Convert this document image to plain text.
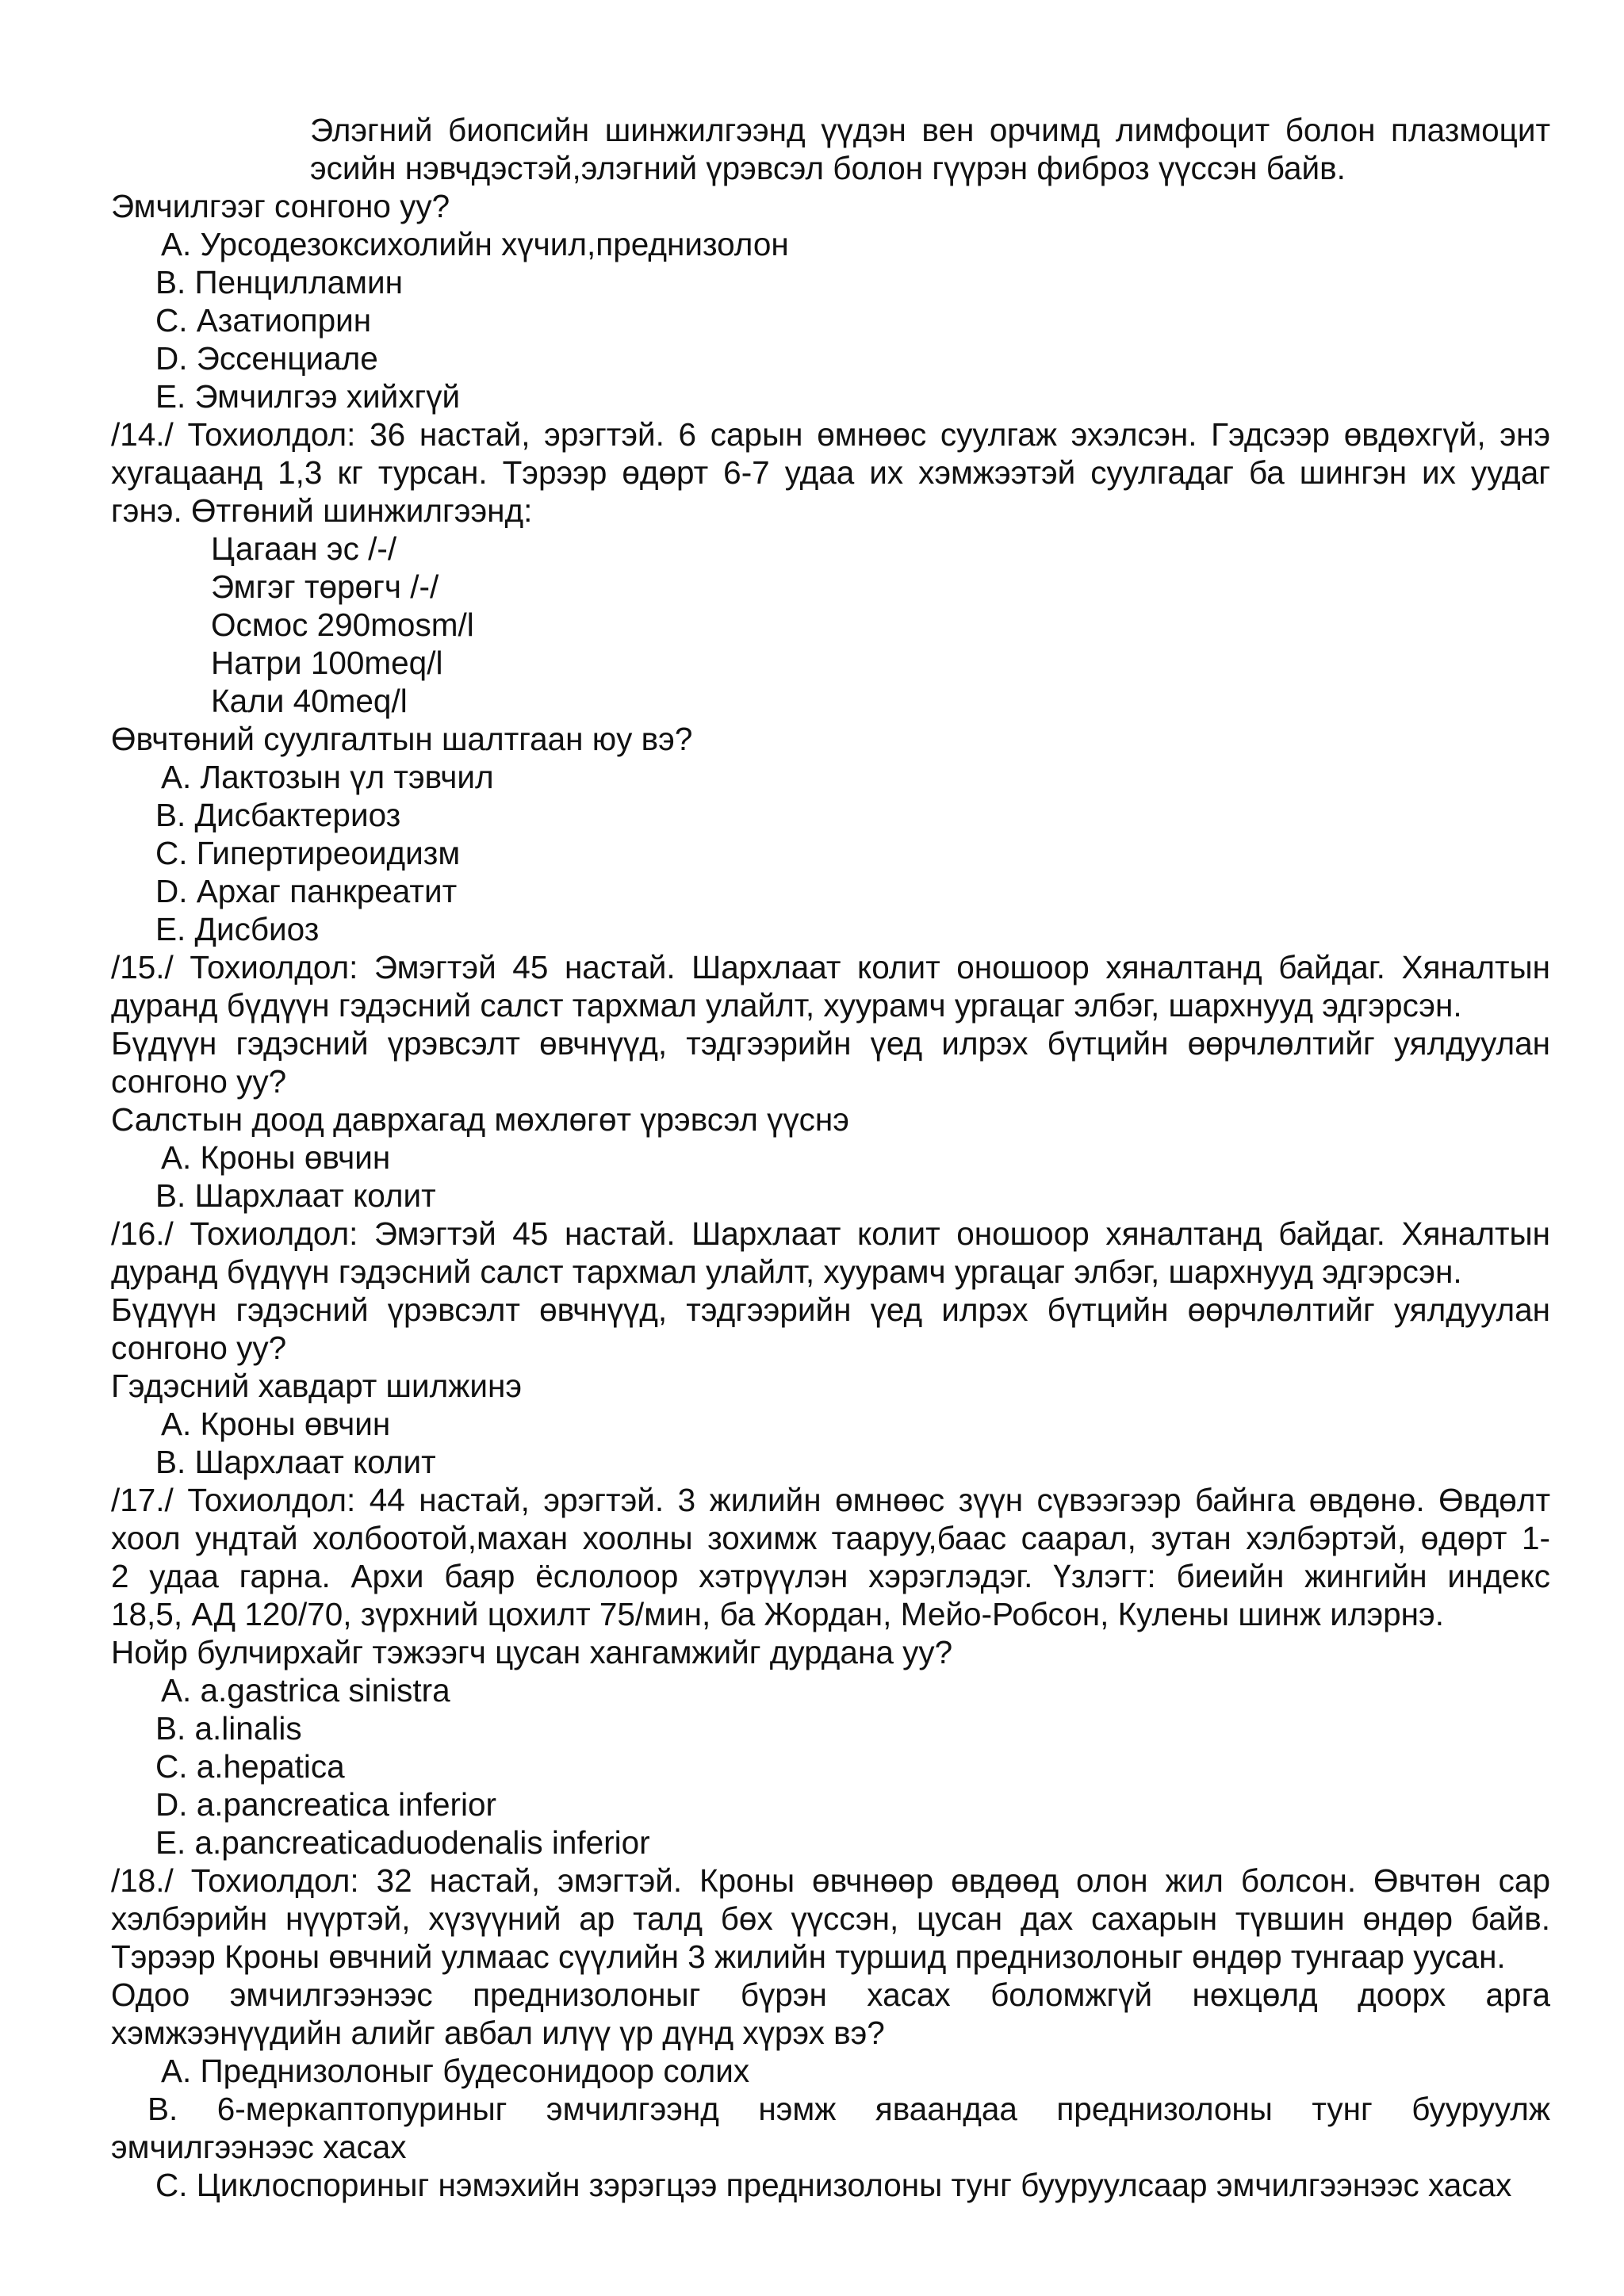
Элэгний биопсийн шинжилгээнд үүдэн вен орчимд лимфоцит болон плазмоцит
эсийн нэвчдэстэй,элэгний үрэвсэл болон гүүрэн фиброз үүссэн байв.
Эмчилгээг сонгоно уу?
A. Урсодезоксихолийн хүчил,преднизолон
B. Пенцилламин
C. Азатиоприн
D. Эссенциале
E. Эмчилгээ хийхгүй
/14./ Тохиолдол: 36 настай, эрэгтэй. 6 сарын өмнөөс суулгаж эхэлсэн. Гэдсээр өвдөхгүй, энэ
хугацаанд 1,3 кг турсан. Тэрээр өдөрт 6-7 удаа их хэмжээтэй суулгадаг ба шингэн их уудаг
гэнэ. Өтгөний шинжилгээнд:
Цагаан эс /-/
Эмгэг төрөгч /-/
Осмос 290mosm/l
Натри 100meq/l
Кали 40meq/l
Өвчтөний суулгалтын шалтгаан юу вэ?
A. Лактозын үл тэвчил
B. Дисбактериоз
C. Гипертиреоидизм
D. Архаг панкреатит
E. Дисбиоз
/15./ Тохиолдол: Эмэгтэй 45 настай. Шархлаат колит оношоор хяналтанд байдаг. Хяналтын
дуранд бүдүүн гэдэсний салст тархмал улайлт, хуурамч ургацаг элбэг, шархнууд эдгэрсэн.
Бүдүүн гэдэсний үрэвсэлт өвчнүүд, тэдгээрийн үед илрэх бүтцийн өөрчлөлтийг уялдуулан
сонгоно уу?
Салстын доод даврхагад мөхлөгөт үрэвсэл үүснэ
A. Кроны өвчин
B. Шархлаат колит
/16./ Тохиолдол: Эмэгтэй 45 настай. Шархлаат колит оношоор хяналтанд байдаг. Хяналтын
дуранд бүдүүн гэдэсний салст тархмал улайлт, хуурамч ургацаг элбэг, шархнууд эдгэрсэн.
Бүдүүн гэдэсний үрэвсэлт өвчнүүд, тэдгээрийн үед илрэх бүтцийн өөрчлөлтийг уялдуулан
сонгоно уу?
Гэдэсний хавдарт шилжинэ
A. Кроны өвчин
B. Шархлаат колит
/17./ Тохиолдол: 44 настай, эрэгтэй. 3 жилийн өмнөөс зүүн сүвээгээр байнга өвдөнө. Өвдөлт
хоол ундтай холбоотой,махан хоолны зохимж тааруу,баас саарал, зутан хэлбэртэй, өдөрт 1-
2 удаа гарна. Архи баяр ёслолоор хэтрүүлэн хэрэглэдэг. Үзлэгт: биеийн жингийн индекс
18,5, АД 120/70, зүрхний цохилт 75/мин, ба Жордан, Мейо-Робсон, Кулены шинж илэрнэ.
Нойр булчирхайг тэжээгч цусан хангамжийг дурдана уу?
A. a.gastrica sinistra
B. a.linalis
C. a.hepatica
D. a.pancreatica inferior
E. a.pancreaticaduodenalis inferior
/18./ Тохиолдол: 32 настай, эмэгтэй. Кроны өвчнөөр өвдөөд олон жил болсон. Өвчтөн сар
хэлбэрийн нүүртэй, хүзүүний ар талд бөх үүссэн, цусан дах сахарын түвшин өндөр байв.
Тэрээр Кроны өвчний улмаас сүүлийн 3 жилийн туршид преднизолоныг өндөр тунгаар уусан.
Одоо эмчилгээнээс преднизолоныг бүрэн хасах боломжгүй нөхцөлд доорх арга
хэмжээнүүдийн алийг авбал илүү үр дүнд хүрэх вэ?
A. Преднизолоныг будесонидоор солих
B. 6-меркаптопуриныг эмчилгээнд нэмж яваандаа преднизолоны тунг бууруулж
эмчилгээнээс хасах
C. Циклоспориныг нэмэхийн зэрэгцээ преднизолоны тунг бууруулсаар эмчилгээнээс хасах
